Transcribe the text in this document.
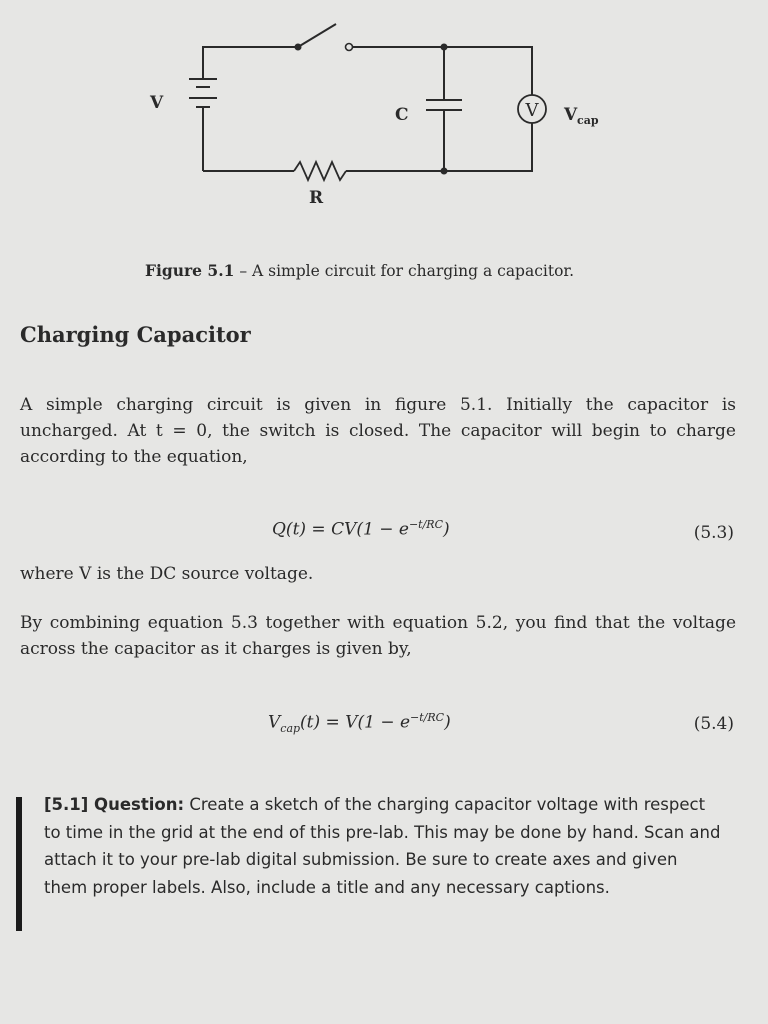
V
V
C
R
V cap
Figure 5.1 – A simple circuit for charging a capacitor.
Charging Capacitor
A simple charging circuit is given in figure 5.1. Initially the capacitor is uncharged. At t = 0, the switch is closed. The capacitor will begin to charge according to the equation,
$Q(t) = CV(1 - e^{-t/RC})$	(5.3)
where V is the DC source voltage.
By combining equation 5.3 together with equation 5.2, you find that the voltage across the capacitor as it charges is given by,
$V_{cap}(t) = V(1 - e^{-t/RC})$	(5.4)
[5.1] Question: Create a sketch of the charging capacitor voltage with respect to time in the grid at the end of this pre-lab. This may be done by hand. Scan and attach it to your pre-lab digital submission. Be sure to create axes and given them proper labels. Also, include a title and any necessary captions.
